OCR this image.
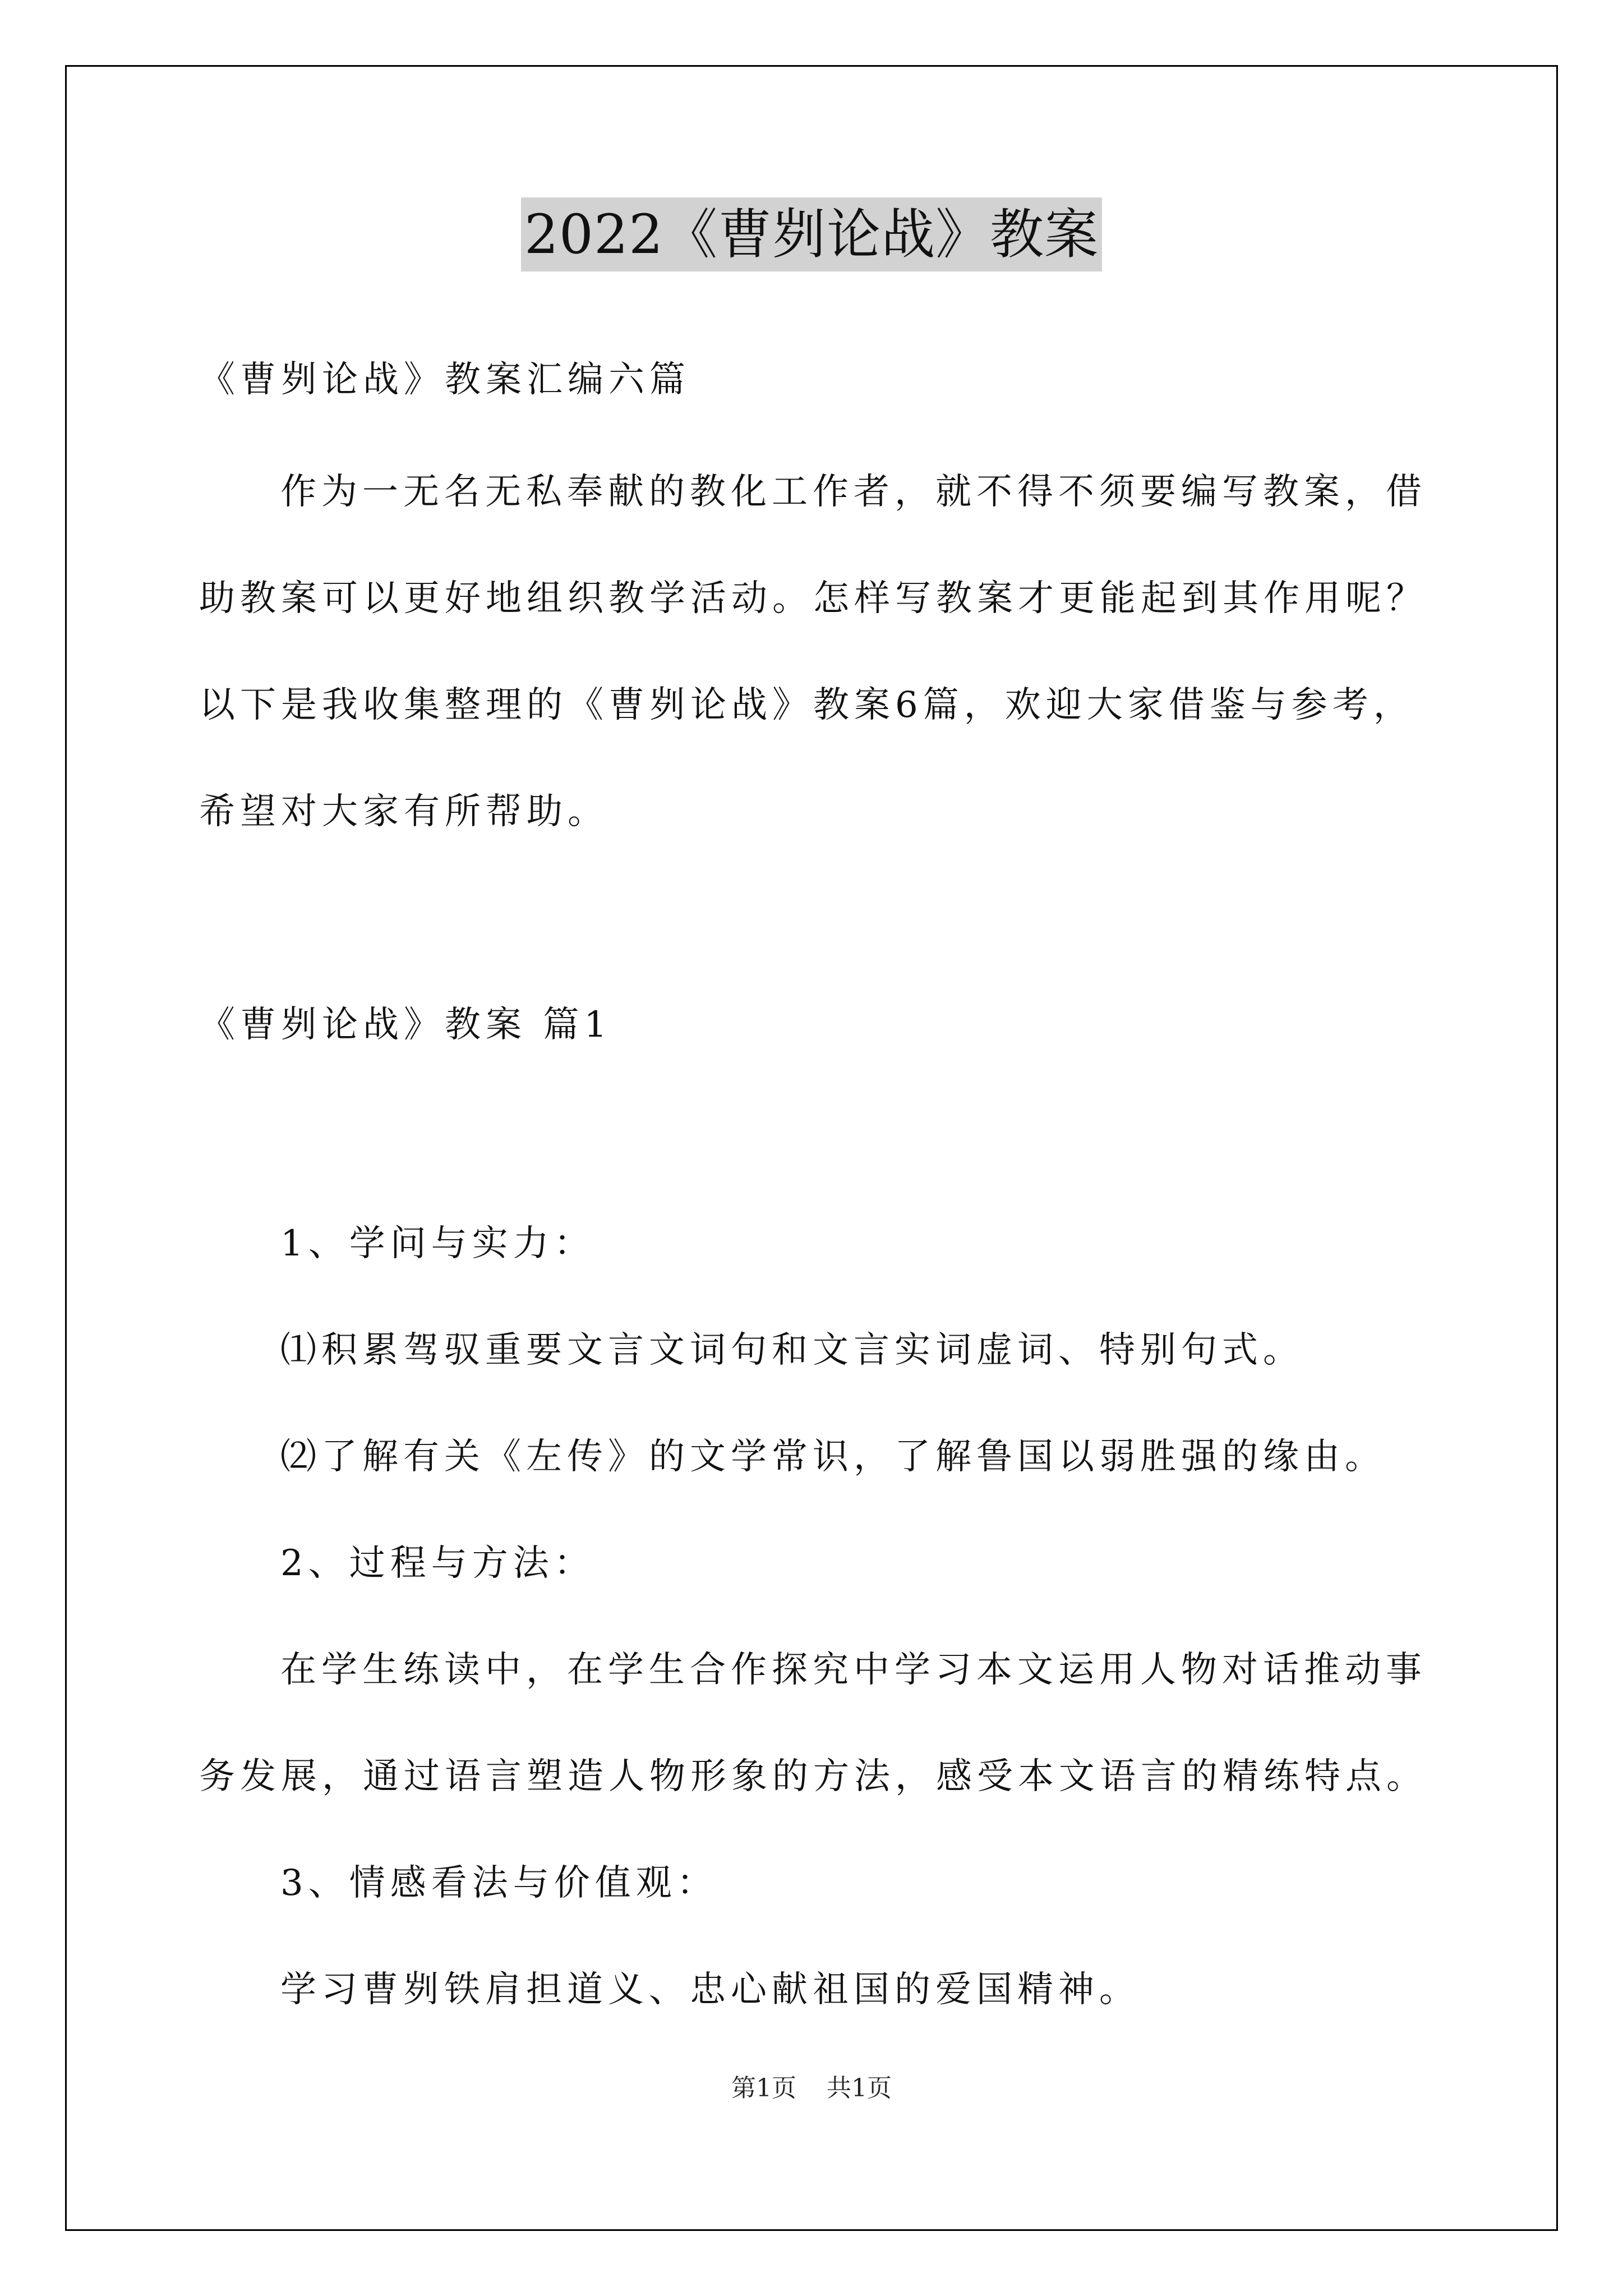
2022《曹刿论战》教案
《曹刿论战》教案汇编六篇
作为一无名无私奉献的教化工作者，就不得不须要编写教案，借
助教案可以更好地组织教学活动。怎样写教案才更能起到其作用呢？
以下是我收集整理的《曹刿论战》教案6篇，欢迎大家借鉴与参考，
希望对大家有所帮助。
《曹刿论战》教案 篇1
1、学问与实力：
⑴积累驾驭重要文言文词句和文言实词虚词、特别句式。
⑵了解有关《左传》的文学常识，了解鲁国以弱胜强的缘由。
2、过程与方法：
在学生练读中，在学生合作探究中学习本文运用人物对话推动事
务发展，通过语言塑造人物形象的方法，感受本文语言的精练特点。
3、情感看法与价值观：
学习曹刿铁肩担道义、忠心献祖国的爱国精神。
第1页 共1页
